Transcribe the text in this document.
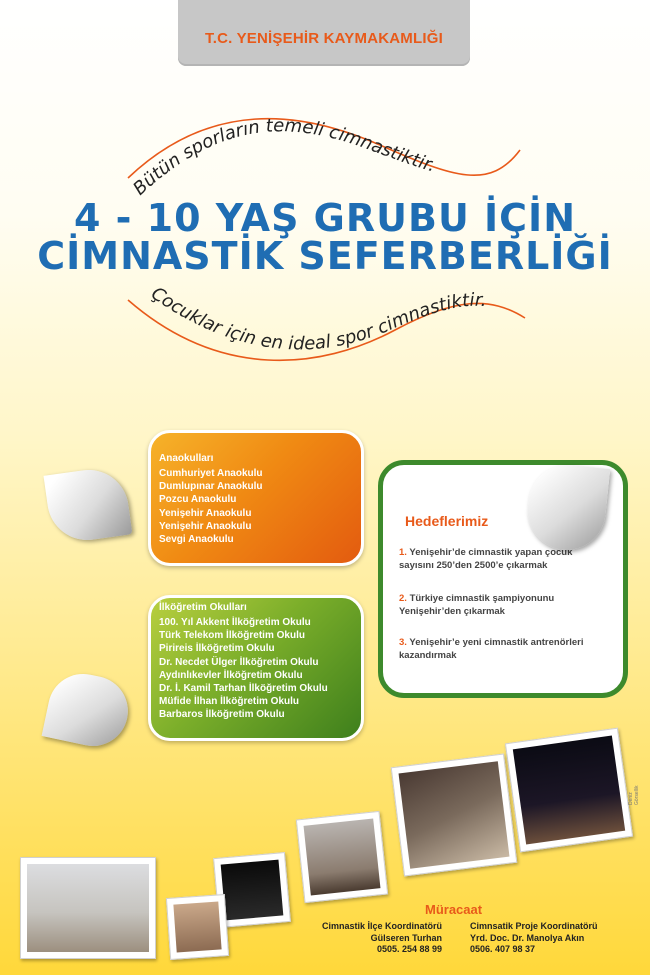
T.C. YENİŞEHİR KAYMAKAMLIĞI
Bütün sporların temeli cimnastiktir.
Çocuklar için en ideal spor cimnastiktir.
4 - 10 YAŞ GRUBU İÇİN
CİMNASTİK SEFERBERLİĞİ
Anaokulları
Cumhuriyet Anaokulu
Dumlupınar Anaokulu
Pozcu Anaokulu
Yenişehir Anaokulu
Yenişehir Anaokulu
Sevgi Anaokulu
İlköğretim Okulları
100. Yıl Akkent İlköğretim Okulu
Türk Telekom İlköğretim Okulu
Pirireis İlköğretim Okulu
Dr. Necdet Ülger İlköğretim Okulu
Aydınlıkevler İlköğretim Okulu
Dr. İ. Kamil Tarhan İlköğretim Okulu
Müfide İlhan İlköğretim Okulu
Barbaros İlköğretim Okulu
Hedeflerimiz
1. Yenişehir’de cimnastik yapan çocuk sayısını 250’den 2500’e çıkarmak
2. Türkiye cimnastik şampiyonunu Yenişehir’den çıkarmak
3. Yenişehir’e yeni cimnastik antrenörleri kazandırmak
Deniz Görsellik
Müracaat
Cimnastik İlçe Koordinatörü
Gülseren Turhan
0505. 254 88 99
Cimnsatik Proje Koordinatörü
Yrd. Doc. Dr. Manolya Akın
0506. 407 98 37
